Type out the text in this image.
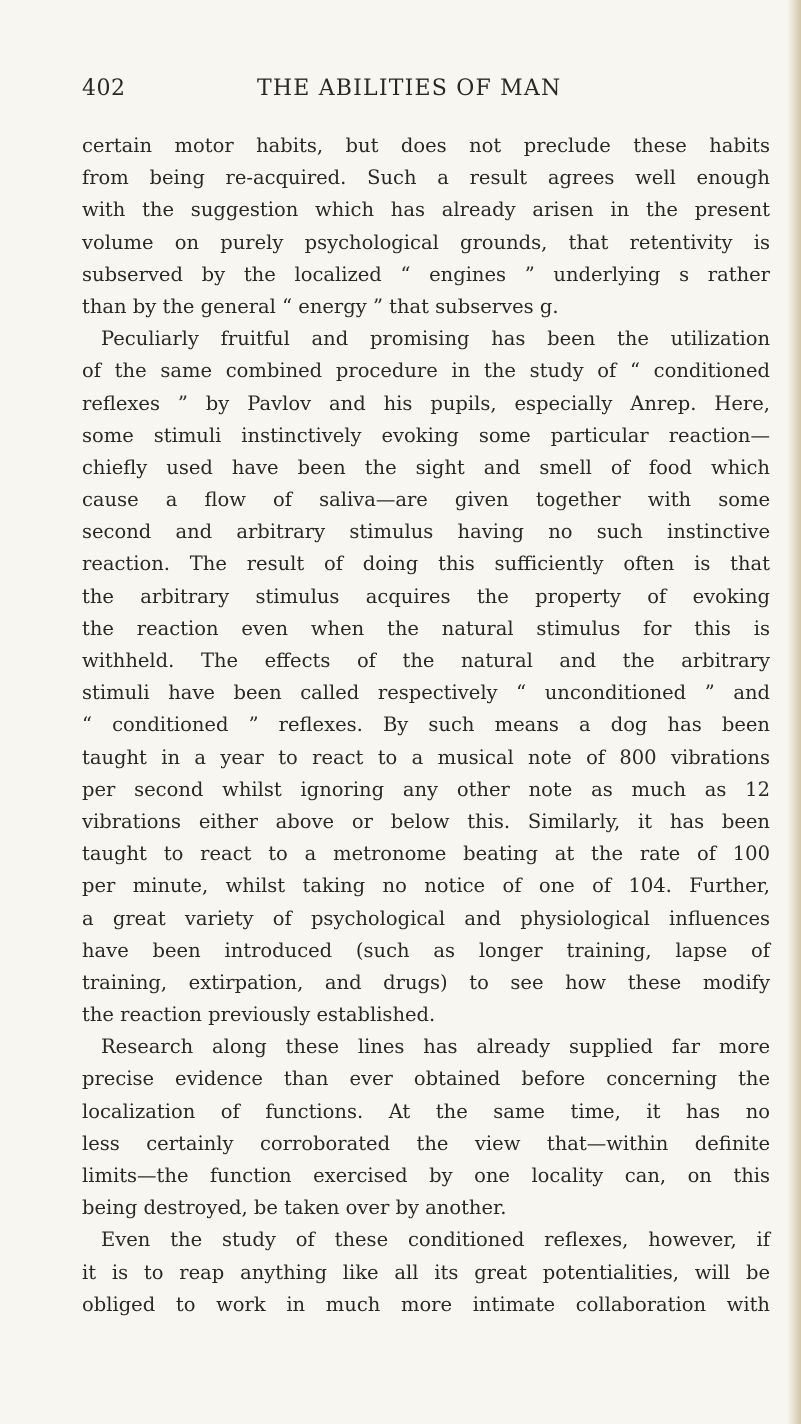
402	THE ABILITIES OF MAN
certain motor habits, but does not preclude these habits
from being re-acquired. Such a result agrees well enough
with the suggestion which has already arisen in the present
volume on purely psychological grounds, that retentivity is
subserved by the localized “ engines ” underlying s rather
than by the general “ energy ” that subserves g.
Peculiarly fruitful and promising has been the utilization
of the same combined procedure in the study of “ conditioned
reflexes ” by Pavlov and his pupils, especially Anrep. Here,
some stimuli instinctively evoking some particular reaction—
chiefly used have been the sight and smell of food which
cause a flow of saliva—are given together with some
second and arbitrary stimulus having no such instinctive
reaction. The result of doing this sufficiently often is that
the arbitrary stimulus acquires the property of evoking
the reaction even when the natural stimulus for this is
withheld. The effects of the natural and the arbitrary
stimuli have been called respectively “ unconditioned ” and
“ conditioned ” reflexes. By such means a dog has been
taught in a year to react to a musical note of 800 vibrations
per second whilst ignoring any other note as much as 12
vibrations either above or below this. Similarly, it has been
taught to react to a metronome beating at the rate of 100
per minute, whilst taking no notice of one of 104. Further,
a great variety of psychological and physiological influences
have been introduced (such as longer training, lapse of
training, extirpation, and drugs) to see how these modify
the reaction previously established.
Research along these lines has already supplied far more
precise evidence than ever obtained before concerning the
localization of functions. At the same time, it has no
less certainly corroborated the view that—within definite
limits—the function exercised by one locality can, on this
being destroyed, be taken over by another.
Even the study of these conditioned reflexes, however, if
it is to reap anything like all its great potentialities, will be
obliged to work in much more intimate collaboration with
